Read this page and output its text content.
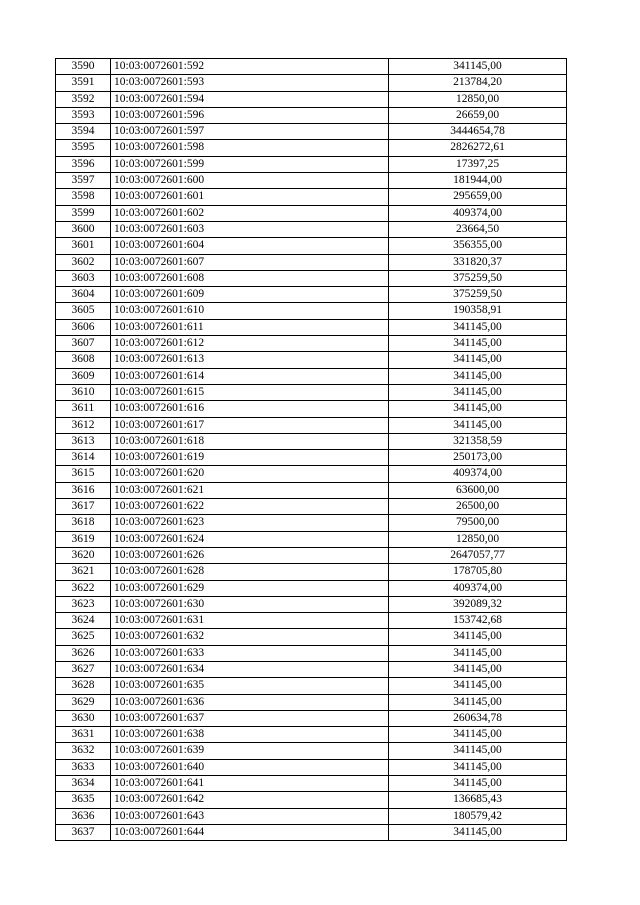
3590	10:03:0072601:592	341145,00
3591	10:03:0072601:593	213784,20
3592	10:03:0072601:594	12850,00
3593	10:03:0072601:596	26659,00
3594	10:03:0072601:597	3444654,78
3595	10:03:0072601:598	2826272,61
3596	10:03:0072601:599	17397,25
3597	10:03:0072601:600	181944,00
3598	10:03:0072601:601	295659,00
3599	10:03:0072601:602	409374,00
3600	10:03:0072601:603	23664,50
3601	10:03:0072601:604	356355,00
3602	10:03:0072601:607	331820,37
3603	10:03:0072601:608	375259,50
3604	10:03:0072601:609	375259,50
3605	10:03:0072601:610	190358,91
3606	10:03:0072601:611	341145,00
3607	10:03:0072601:612	341145,00
3608	10:03:0072601:613	341145,00
3609	10:03:0072601:614	341145,00
3610	10:03:0072601:615	341145,00
3611	10:03:0072601:616	341145,00
3612	10:03:0072601:617	341145,00
3613	10:03:0072601:618	321358,59
3614	10:03:0072601:619	250173,00
3615	10:03:0072601:620	409374,00
3616	10:03:0072601:621	63600,00
3617	10:03:0072601:622	26500,00
3618	10:03:0072601:623	79500,00
3619	10:03:0072601:624	12850,00
3620	10:03:0072601:626	2647057,77
3621	10:03:0072601:628	178705,80
3622	10:03:0072601:629	409374,00
3623	10:03:0072601:630	392089,32
3624	10:03:0072601:631	153742,68
3625	10:03:0072601:632	341145,00
3626	10:03:0072601:633	341145,00
3627	10:03:0072601:634	341145,00
3628	10:03:0072601:635	341145,00
3629	10:03:0072601:636	341145,00
3630	10:03:0072601:637	260634,78
3631	10:03:0072601:638	341145,00
3632	10:03:0072601:639	341145,00
3633	10:03:0072601:640	341145,00
3634	10:03:0072601:641	341145,00
3635	10:03:0072601:642	136685,43
3636	10:03:0072601:643	180579,42
3637	10:03:0072601:644	341145,00
